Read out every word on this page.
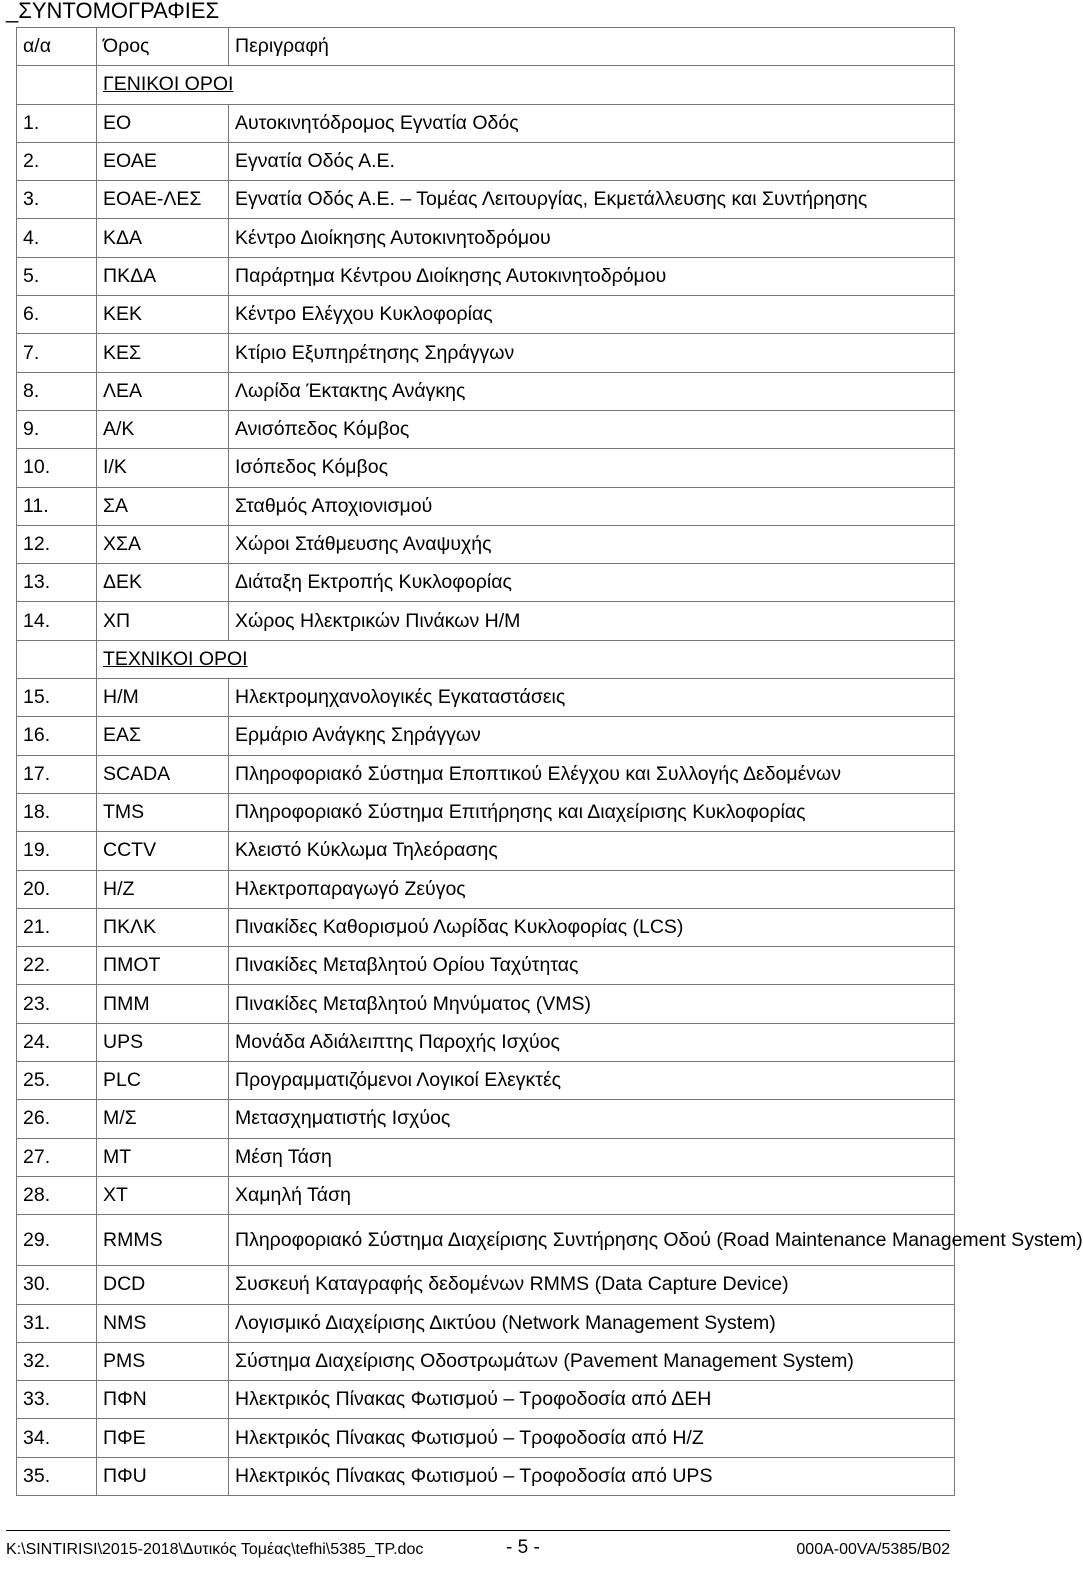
_ΣΥΝΤΟΜΟΓΡΑΦΙΕΣ
α/α	Όρος	Περιγραφή
	ΓΕΝΙΚΟΙ ΟΡΟΙ	
1.	ΕΟ	Αυτοκινητόδρομος Εγνατία Οδός
2.	ΕΟΑΕ	Εγνατία Οδός Α.Ε.
3.	ΕΟΑΕ-ΛΕΣ	Εγνατία Οδός Α.Ε. – Τομέας Λειτουργίας, Εκμετάλλευσης και Συντήρησης
4.	ΚΔΑ	Κέντρο Διοίκησης Αυτοκινητοδρόμου
5.	ΠΚΔΑ	Παράρτημα Κέντρου Διοίκησης Αυτοκινητοδρόμου
6.	ΚΕΚ	Κέντρο Ελέγχου Κυκλοφορίας
7.	ΚΕΣ	Κτίριο Εξυπηρέτησης Σηράγγων
8.	ΛΕΑ	Λωρίδα Έκτακτης Ανάγκης
9.	Α/Κ	Ανισόπεδος Κόμβος
10.	Ι/Κ	Ισόπεδος Κόμβος
11.	ΣΑ	Σταθμός Αποχιονισμού
12.	ΧΣΑ	Χώροι Στάθμευσης Αναψυχής
13.	ΔΕΚ	Διάταξη Εκτροπής Κυκλοφορίας
14.	ΧΠ	Χώρος Ηλεκτρικών Πινάκων Η/Μ
	ΤΕΧΝΙΚΟΙ ΟΡΟΙ	
15.	Η/Μ	Ηλεκτρομηχανολογικές Εγκαταστάσεις
16.	ΕΑΣ	Ερμάριο Ανάγκης Σηράγγων
17.	SCADA	Πληροφοριακό Σύστημα Εποπτικού Ελέγχου και Συλλογής Δεδομένων
18.	TMS	Πληροφοριακό Σύστημα Επιτήρησης και Διαχείρισης Κυκλοφορίας
19.	CCTV	Κλειστό Κύκλωμα Τηλεόρασης
20.	Η/Ζ	Ηλεκτροπαραγωγό Ζεύγος
21.	ΠΚΛΚ	Πινακίδες Καθορισμού Λωρίδας Κυκλοφορίας (LCS)
22.	ΠΜΟΤ	Πινακίδες Μεταβλητού Ορίου Ταχύτητας
23.	ΠΜΜ	Πινακίδες Μεταβλητού Μηνύματος (VMS)
24.	UPS	Μονάδα Αδιάλειπτης Παροχής Ισχύος
25.	PLC	Προγραμματιζόμενοι Λογικοί Ελεγκτές
26.	Μ/Σ	Μετασχηματιστής Ισχύος
27.	ΜΤ	Μέση Τάση
28.	ΧΤ	Χαμηλή Τάση
29.	RMMS	Πληροφοριακό Σύστημα Διαχείρισης Συντήρησης Οδού (Road Maintenance Management System)
30.	DCD	Συσκευή Καταγραφής δεδομένων RMMS (Data Capture Device)
31.	NMS	Λογισμικό Διαχείρισης Δικτύου (Network Management System)
32.	PMS	Σύστημα Διαχείρισης Οδοστρωμάτων (Pavement Management System)
33.	ΠΦΝ	Ηλεκτρικός Πίνακας Φωτισμού – Τροφοδοσία από ΔΕΗ
34.	ΠΦΕ	Ηλεκτρικός Πίνακας Φωτισμού – Τροφοδοσία από Η/Ζ
35.	ΠΦU	Ηλεκτρικός Πίνακας Φωτισμού – Τροφοδοσία από UPS
K:\SINTIRISI\2015-2018\Δυτικός Τομέας\tefhi\5385_TP.doc	- 5 -	000A-00VA/5385/B02
